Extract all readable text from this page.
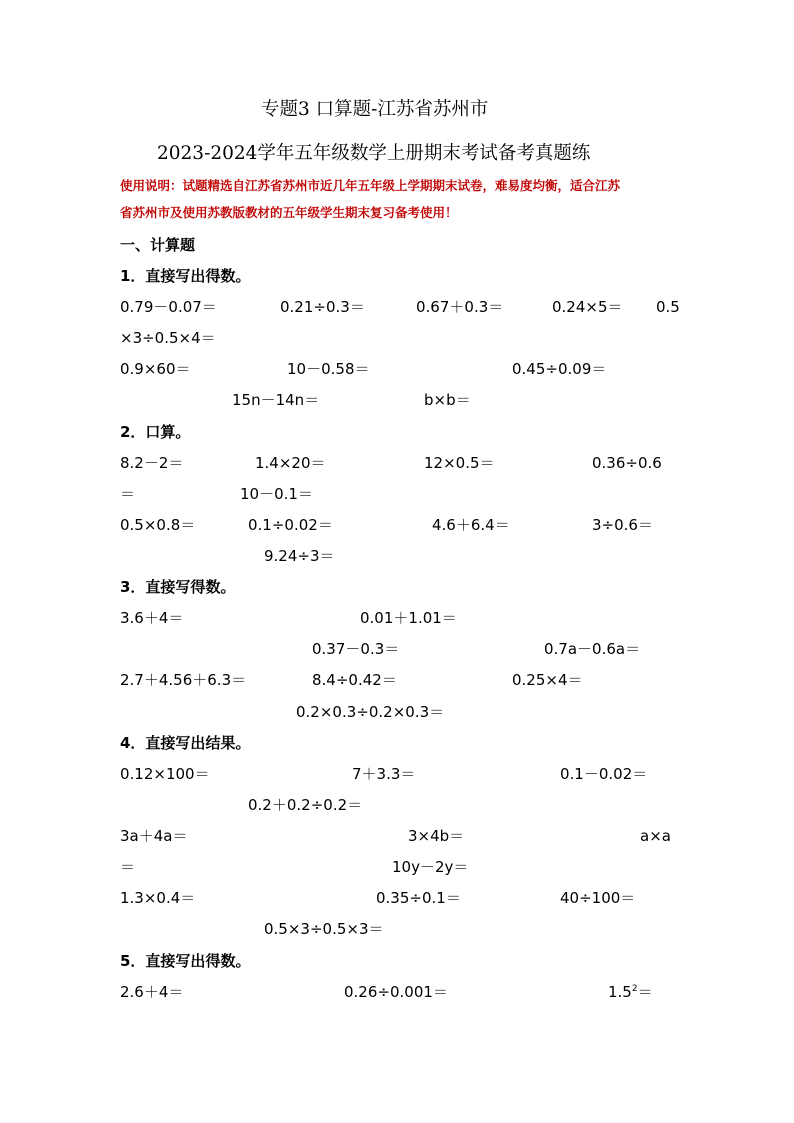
专题3 口算题-江苏省苏州市
2023-2024学年五年级数学上册期末考试备考真题练
使用说明：试题精选自江苏省苏州市近几年五年级上学期期末试卷，难易度均衡，适合江苏
省苏州市及使用苏教版教材的五年级学生期末复习备考使用！
一、计算题
1．直接写出得数。
0.79－0.07＝	0.21÷0.3＝	0.67＋0.3＝	0.24×5＝ 0.5
×3÷0.5×4＝
0.9×60＝	10－0.58＝	0.45÷0.09＝
15n－14n＝	b×b＝
2．口算。
8.2－2＝	1.4×20＝	12×0.5＝	0.36÷0.6
＝	10－0.1＝
0.5×0.8＝	0.1÷0.02＝	4.6＋6.4＝	3÷0.6＝
9.24÷3＝
3．直接写得数。
3.6＋4＝	0.01＋1.01＝
0.37－0.3＝	0.7a－0.6a＝
2.7＋4.56＋6.3＝	8.4÷0.42＝	0.25×4＝
0.2×0.3÷0.2×0.3＝
4．直接写出结果。
0.12×100＝	7＋3.3＝	0.1－0.02＝
0.2＋0.2÷0.2＝
3a＋4a＝	3×4b＝	a×a
＝	10y－2y＝
1.3×0.4＝	0.35÷0.1＝	40÷100＝
0.5×3÷0.5×3＝
5．直接写出得数。
2.6＋4＝	0.26÷0.001＝	$1.5^2=$
